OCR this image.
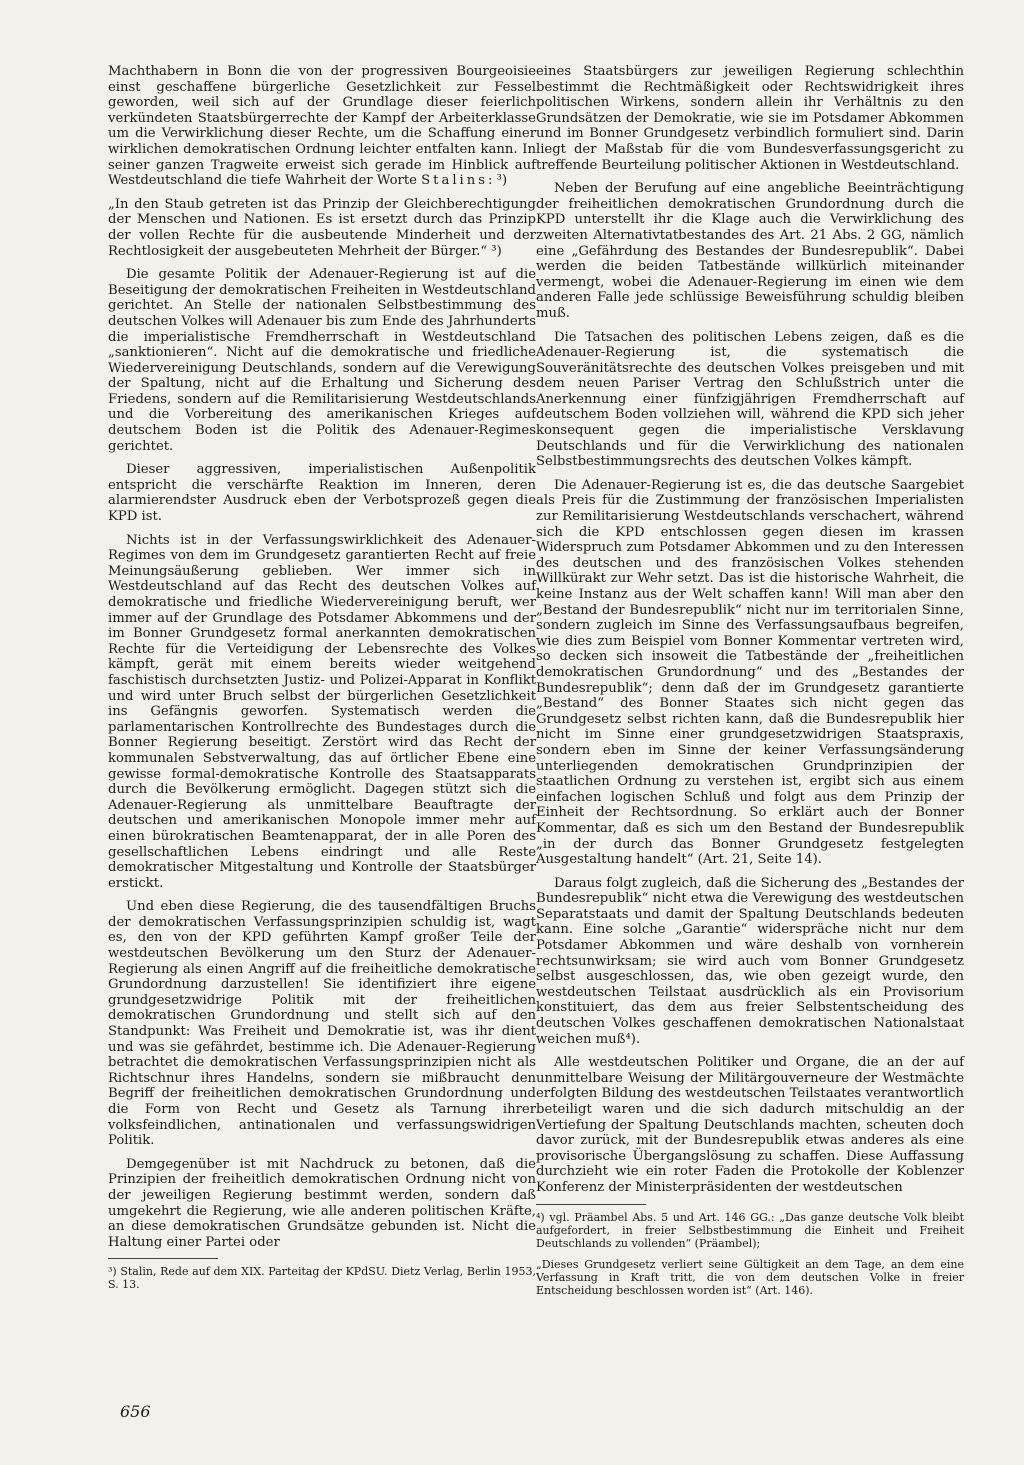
Machthabern in Bonn die von der progressiven Bourgeoisie einst geschaffene bürgerliche Gesetzlichkeit zur Fessel geworden, weil sich auf der Grundlage dieser feierlich verkündeten Staatsbürgerrechte der Kampf der Arbeiterklasse um die Verwirklichung dieser Rechte, um die Schaffung einer wirklichen demokratischen Ordnung leichter entfalten kann. In seiner ganzen Tragweite erweist sich gerade im Hinblick auf Westdeutschland die tiefe Wahrheit der Worte Stalins: ³)

„In den Staub getreten ist das Prinzip der Gleichberechtigung der Menschen und Nationen. Es ist ersetzt durch das Prinzip der vollen Rechte für die ausbeutende Minderheit und der Rechtlosigkeit der ausgebeuteten Mehrheit der Bürger.“ ³)

Die gesamte Politik der Adenauer-Regierung ist auf die Beseitigung der demokratischen Freiheiten in Westdeutschland gerichtet. An Stelle der nationalen Selbstbestimmung des deutschen Volkes will Adenauer bis zum Ende des Jahrhunderts die imperialistische Fremdherrschaft in Westdeutschland „sanktionieren“. Nicht auf die demokratische und friedliche Wiedervereinigung Deutschlands, sondern auf die Verewigung der Spaltung, nicht auf die Erhaltung und Sicherung des Friedens, sondern auf die Remilitarisierung Westdeutschlands und die Vorbereitung des amerikanischen Krieges auf deutschem Boden ist die Politik des Adenauer-Regimes gerichtet.

Dieser aggressiven, imperialistischen Außenpolitik entspricht die verschärfte Reaktion im Inneren, deren alarmierendster Ausdruck eben der Verbotsprozeß gegen die KPD ist.

Nichts ist in der Verfassungswirklichkeit des Adenauer-Regimes von dem im Grundgesetz garantierten Recht auf freie Meinungsäußerung geblieben. Wer immer sich in Westdeutschland auf das Recht des deutschen Volkes auf demokratische und friedliche Wiedervereinigung beruft, wer immer auf der Grundlage des Potsdamer Abkommens und der im Bonner Grundgesetz formal anerkannten demokratischen Rechte für die Verteidigung der Lebensrechte des Volkes kämpft, gerät mit einem bereits wieder weitgehend faschistisch durchsetzten Justiz- und Polizei-Apparat in Konflikt und wird unter Bruch selbst der bürgerlichen Gesetzlichkeit ins Gefängnis geworfen. Systematisch werden die parlamentarischen Kontrollrechte des Bundestages durch die Bonner Regierung beseitigt. Zerstört wird das Recht der kommunalen Sebstverwaltung, das auf örtlicher Ebene eine gewisse formal-demokratische Kontrolle des Staatsapparats durch die Bevölkerung ermöglicht. Dagegen stützt sich die Adenauer-Regierung als unmittelbare Beauftragte der deutschen und amerikanischen Monopole immer mehr auf einen bürokratischen Beamtenapparat, der in alle Poren des gesellschaftlichen Lebens eindringt und alle Reste demokratischer Mitgestaltung und Kontrolle der Staatsbürger erstickt.

Und eben diese Regierung, die des tausendfältigen Bruchs der demokratischen Verfassungsprinzipien schuldig ist, wagt es, den von der KPD geführten Kampf großer Teile der westdeutschen Bevölkerung um den Sturz der Adenauer-Regierung als einen Angriff auf die freiheitliche demokratische Grundordnung darzustellen! Sie identifiziert ihre eigene grundgesetzwidrige Politik mit der freiheitlichen demokratischen Grundordnung und stellt sich auf den Standpunkt: Was Freiheit und Demokratie ist, was ihr dient und was sie gefährdet, bestimme ich. Die Adenauer-Regierung betrachtet die demokratischen Verfassungsprinzipien nicht als Richtschnur ihres Handelns, sondern sie mißbraucht den Begriff der freiheitlichen demokratischen Grundordnung und die Form von Recht und Gesetz als Tarnung ihrer volksfeindlichen, antinationalen und verfassungswidrigen Politik.

Demgegenüber ist mit Nachdruck zu betonen, daß die Prinzipien der freiheitlich demokratischen Ordnung nicht von der jeweiligen Regierung bestimmt werden, sondern daß umgekehrt die Regierung, wie alle anderen politischen Kräfte, an diese demokratischen Grundsätze gebunden ist. Nicht die Haltung einer Partei oder

³) Stalin, Rede auf dem XIX. Parteitag der KPdSU. Dietz Verlag, Berlin 1953, S. 13.

eines Staatsbürgers zur jeweiligen Regierung schlechthin bestimmt die Rechtmäßigkeit oder Rechtswidrigkeit ihres politischen Wirkens, sondern allein ihr Verhältnis zu den Grundsätzen der Demokratie, wie sie im Potsdamer Abkommen und im Bonner Grundgesetz verbindlich formuliert sind. Darin liegt der Maßstab für die vom Bundesverfassungsgericht zu treffende Beurteilung politischer Aktionen in Westdeutschland.

Neben der Berufung auf eine angebliche Beeinträchtigung der freiheitlichen demokratischen Grundordnung durch die KPD unterstellt ihr die Klage auch die Verwirklichung des zweiten Alternativtatbestandes des Art. 21 Abs. 2 GG, nämlich eine „Gefährdung des Bestandes der Bundesrepublik“. Dabei werden die beiden Tatbestände willkürlich miteinander vermengt, wobei die Adenauer-Regierung im einen wie dem anderen Falle jede schlüssige Beweisführung schuldig bleiben muß.

Die Tatsachen des politischen Lebens zeigen, daß es die Adenauer-Regierung ist, die systematisch die Souveränitätsrechte des deutschen Volkes preisgeben und mit dem neuen Pariser Vertrag den Schlußstrich unter die Anerkennung einer fünfzigjährigen Fremdherrschaft auf deutschem Boden vollziehen will, während die KPD sich jeher konsequent gegen die imperialistische Versklavung Deutschlands und für die Verwirklichung des nationalen Selbstbestimmungsrechts des deutschen Volkes kämpft.

Die Adenauer-Regierung ist es, die das deutsche Saargebiet als Preis für die Zustimmung der französischen Imperialisten zur Remilitarisierung Westdeutschlands verschachert, während sich die KPD entschlossen gegen diesen im krassen Widerspruch zum Potsdamer Abkommen und zu den Interessen des deutschen und des französischen Volkes stehenden Willkürakt zur Wehr setzt. Das ist die historische Wahrheit, die keine Instanz aus der Welt schaffen kann! Will man aber den „Bestand der Bundesrepublik“ nicht nur im territorialen Sinne, sondern zugleich im Sinne des Verfassungsaufbaus begreifen, wie dies zum Beispiel vom Bonner Kommentar vertreten wird, so decken sich insoweit die Tatbestände der „freiheitlichen demokratischen Grundordnung“ und des „Bestandes der Bundesrepublik“; denn daß der im Grundgesetz garantierte „Bestand“ des Bonner Staates sich nicht gegen das Grundgesetz selbst richten kann, daß die Bundesrepublik hier nicht im Sinne einer grundgesetzwidrigen Staatspraxis, sondern eben im Sinne der keiner Verfassungsänderung unterliegenden demokratischen Grundprinzipien der staatlichen Ordnung zu verstehen ist, ergibt sich aus einem einfachen logischen Schluß und folgt aus dem Prinzip der Einheit der Rechtsordnung. So erklärt auch der Bonner Kommentar, daß es sich um den Bestand der Bundesrepublik „in der durch das Bonner Grundgesetz festgelegten Ausgestaltung handelt“ (Art. 21, Seite 14).

Daraus folgt zugleich, daß die Sicherung des „Bestandes der Bundesrepublik“ nicht etwa die Verewigung des westdeutschen Separatstaats und damit der Spaltung Deutschlands bedeuten kann. Eine solche „Garantie“ widerspräche nicht nur dem Potsdamer Abkommen und wäre deshalb von vornherein rechtsunwirksam; sie wird auch vom Bonner Grundgesetz selbst ausgeschlossen, das, wie oben gezeigt wurde, den westdeutschen Teilstaat ausdrücklich als ein Provisorium konstituiert, das dem aus freier Selbstentscheidung des deutschen Volkes geschaffenen demokratischen Nationalstaat weichen muß⁴).

Alle westdeutschen Politiker und Organe, die an der auf unmittelbare Weisung der Militärgouverneure der Westmächte erfolgten Bildung des westdeutschen Teilstaates verantwortlich beteiligt waren und die sich dadurch mitschuldig an der Vertiefung der Spaltung Deutschlands machten, scheuten doch davor zurück, mit der Bundesrepublik etwas anderes als eine provisorische Übergangslösung zu schaffen. Diese Auffassung durchzieht wie ein roter Faden die Protokolle der Koblenzer Konferenz der Ministerpräsidenten der westdeutschen

⁴) vgl. Präambel Abs. 5 und Art. 146 GG.: „Das ganze deutsche Volk bleibt aufgefordert, in freier Selbstbestimmung die Einheit und Freiheit Deutschlands zu vollenden“ (Präambel);

„Dieses Grundgesetz verliert seine Gültigkeit an dem Tage, an dem eine Verfassung in Kraft tritt, die von dem deutschen Volke in freier Entscheidung beschlossen worden ist“ (Art. 146).

656
